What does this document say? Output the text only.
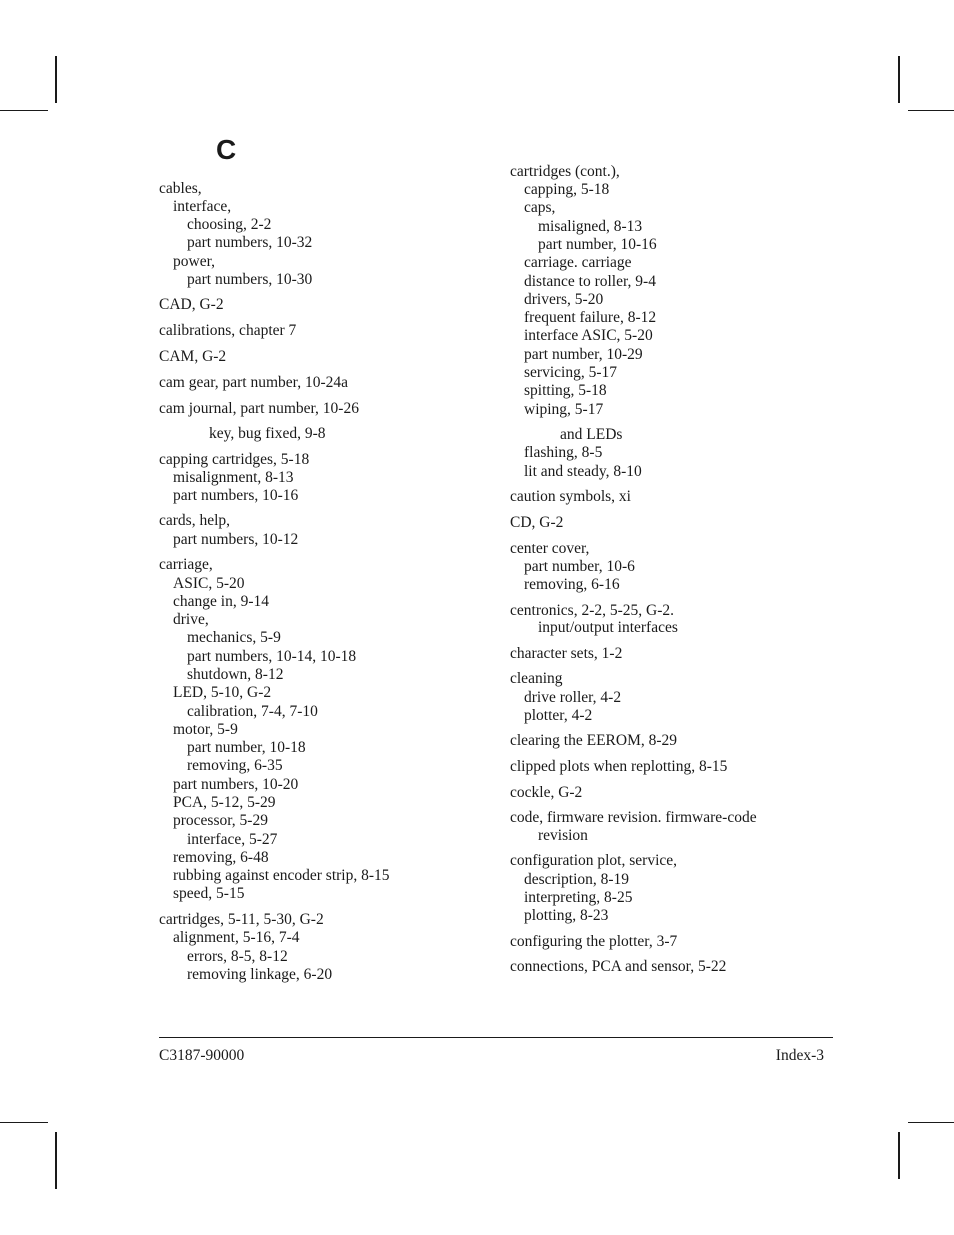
C
cables,
interface,
choosing, 2-2
part numbers, 10-32
power,
part numbers, 10-30
CAD, G-2
calibrations, chapter 7
CAM, G-2
cam gear, part number, 10-24a
cam journal, part number, 10-26
key, bug fixed, 9-8
capping cartridges, 5-18
misalignment, 8-13
part numbers, 10-16
cards, help,
part numbers, 10-12
carriage,
ASIC, 5-20
change in, 9-14
drive,
mechanics, 5-9
part numbers, 10-14, 10-18
shutdown, 8-12
LED, 5-10, G-2
calibration, 7-4, 7-10
motor, 5-9
part number, 10-18
removing, 6-35
part numbers, 10-20
PCA, 5-12, 5-29
processor, 5-29
interface, 5-27
removing, 6-48
rubbing against encoder strip, 8-15
speed, 5-15
cartridges, 5-11, 5-30, G-2
alignment, 5-16, 7-4
errors, 8-5, 8-12
removing linkage, 6-20
cartridges (cont.),
capping, 5-18
caps,
misaligned, 8-13
part number, 10-16
carriage. carriage
distance to roller, 9-4
drivers, 5-20
frequent failure, 8-12
interface ASIC, 5-20
part number, 10-29
servicing, 5-17
spitting, 5-18
wiping, 5-17
and LEDs
flashing, 8-5
lit and steady, 8-10
caution symbols, xi
CD, G-2
center cover,
part number, 10-6
removing, 6-16
centronics, 2-2, 5-25, G-2.
input/output interfaces
character sets, 1-2
cleaning
drive roller, 4-2
plotter, 4-2
clearing the EEROM, 8-29
clipped plots when replotting, 8-15
cockle, G-2
code, firmware revision. firmware-code
revision
configuration plot, service,
description, 8-19
interpreting, 8-25
plotting, 8-23
configuring the plotter, 3-7
connections, PCA and sensor, 5-22
C3187-90000	Index-3
